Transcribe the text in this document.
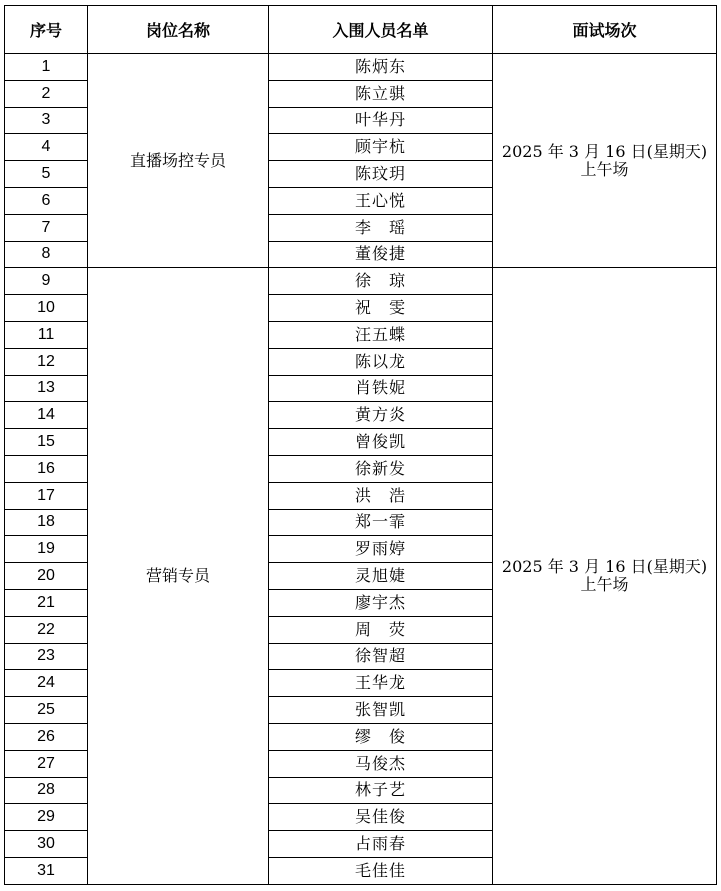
序号	岗位名称	入围人员名单	面试场次
1	直播场控专员	陈炳东	2025 年 3 月 16 日(星期天)
上午场

2		陈立骐	
3		叶华丹	
4		顾宇杭	
5		陈玟玥	
6		王心悦	
7		李　瑶	
8		董俊捷	
9	营销专员	徐　琼	2025 年 3 月 16 日(星期天)
上午场

10		祝　雯	
11		汪五蝶	
12		陈以龙	
13		肖铁妮	
14		黄方炎	
15		曾俊凯	
16		徐新发	
17		洪　浩	
18		郑一霏	
19		罗雨婷	
20		灵旭婕	
21		廖宇杰	
22		周　荧	
23		徐智超	
24		王华龙	
25		张智凯	
26		缪　俊	
27		马俊杰	
28		林子艺	
29		吴佳俊	
30		占雨春	
31		毛佳佳	
